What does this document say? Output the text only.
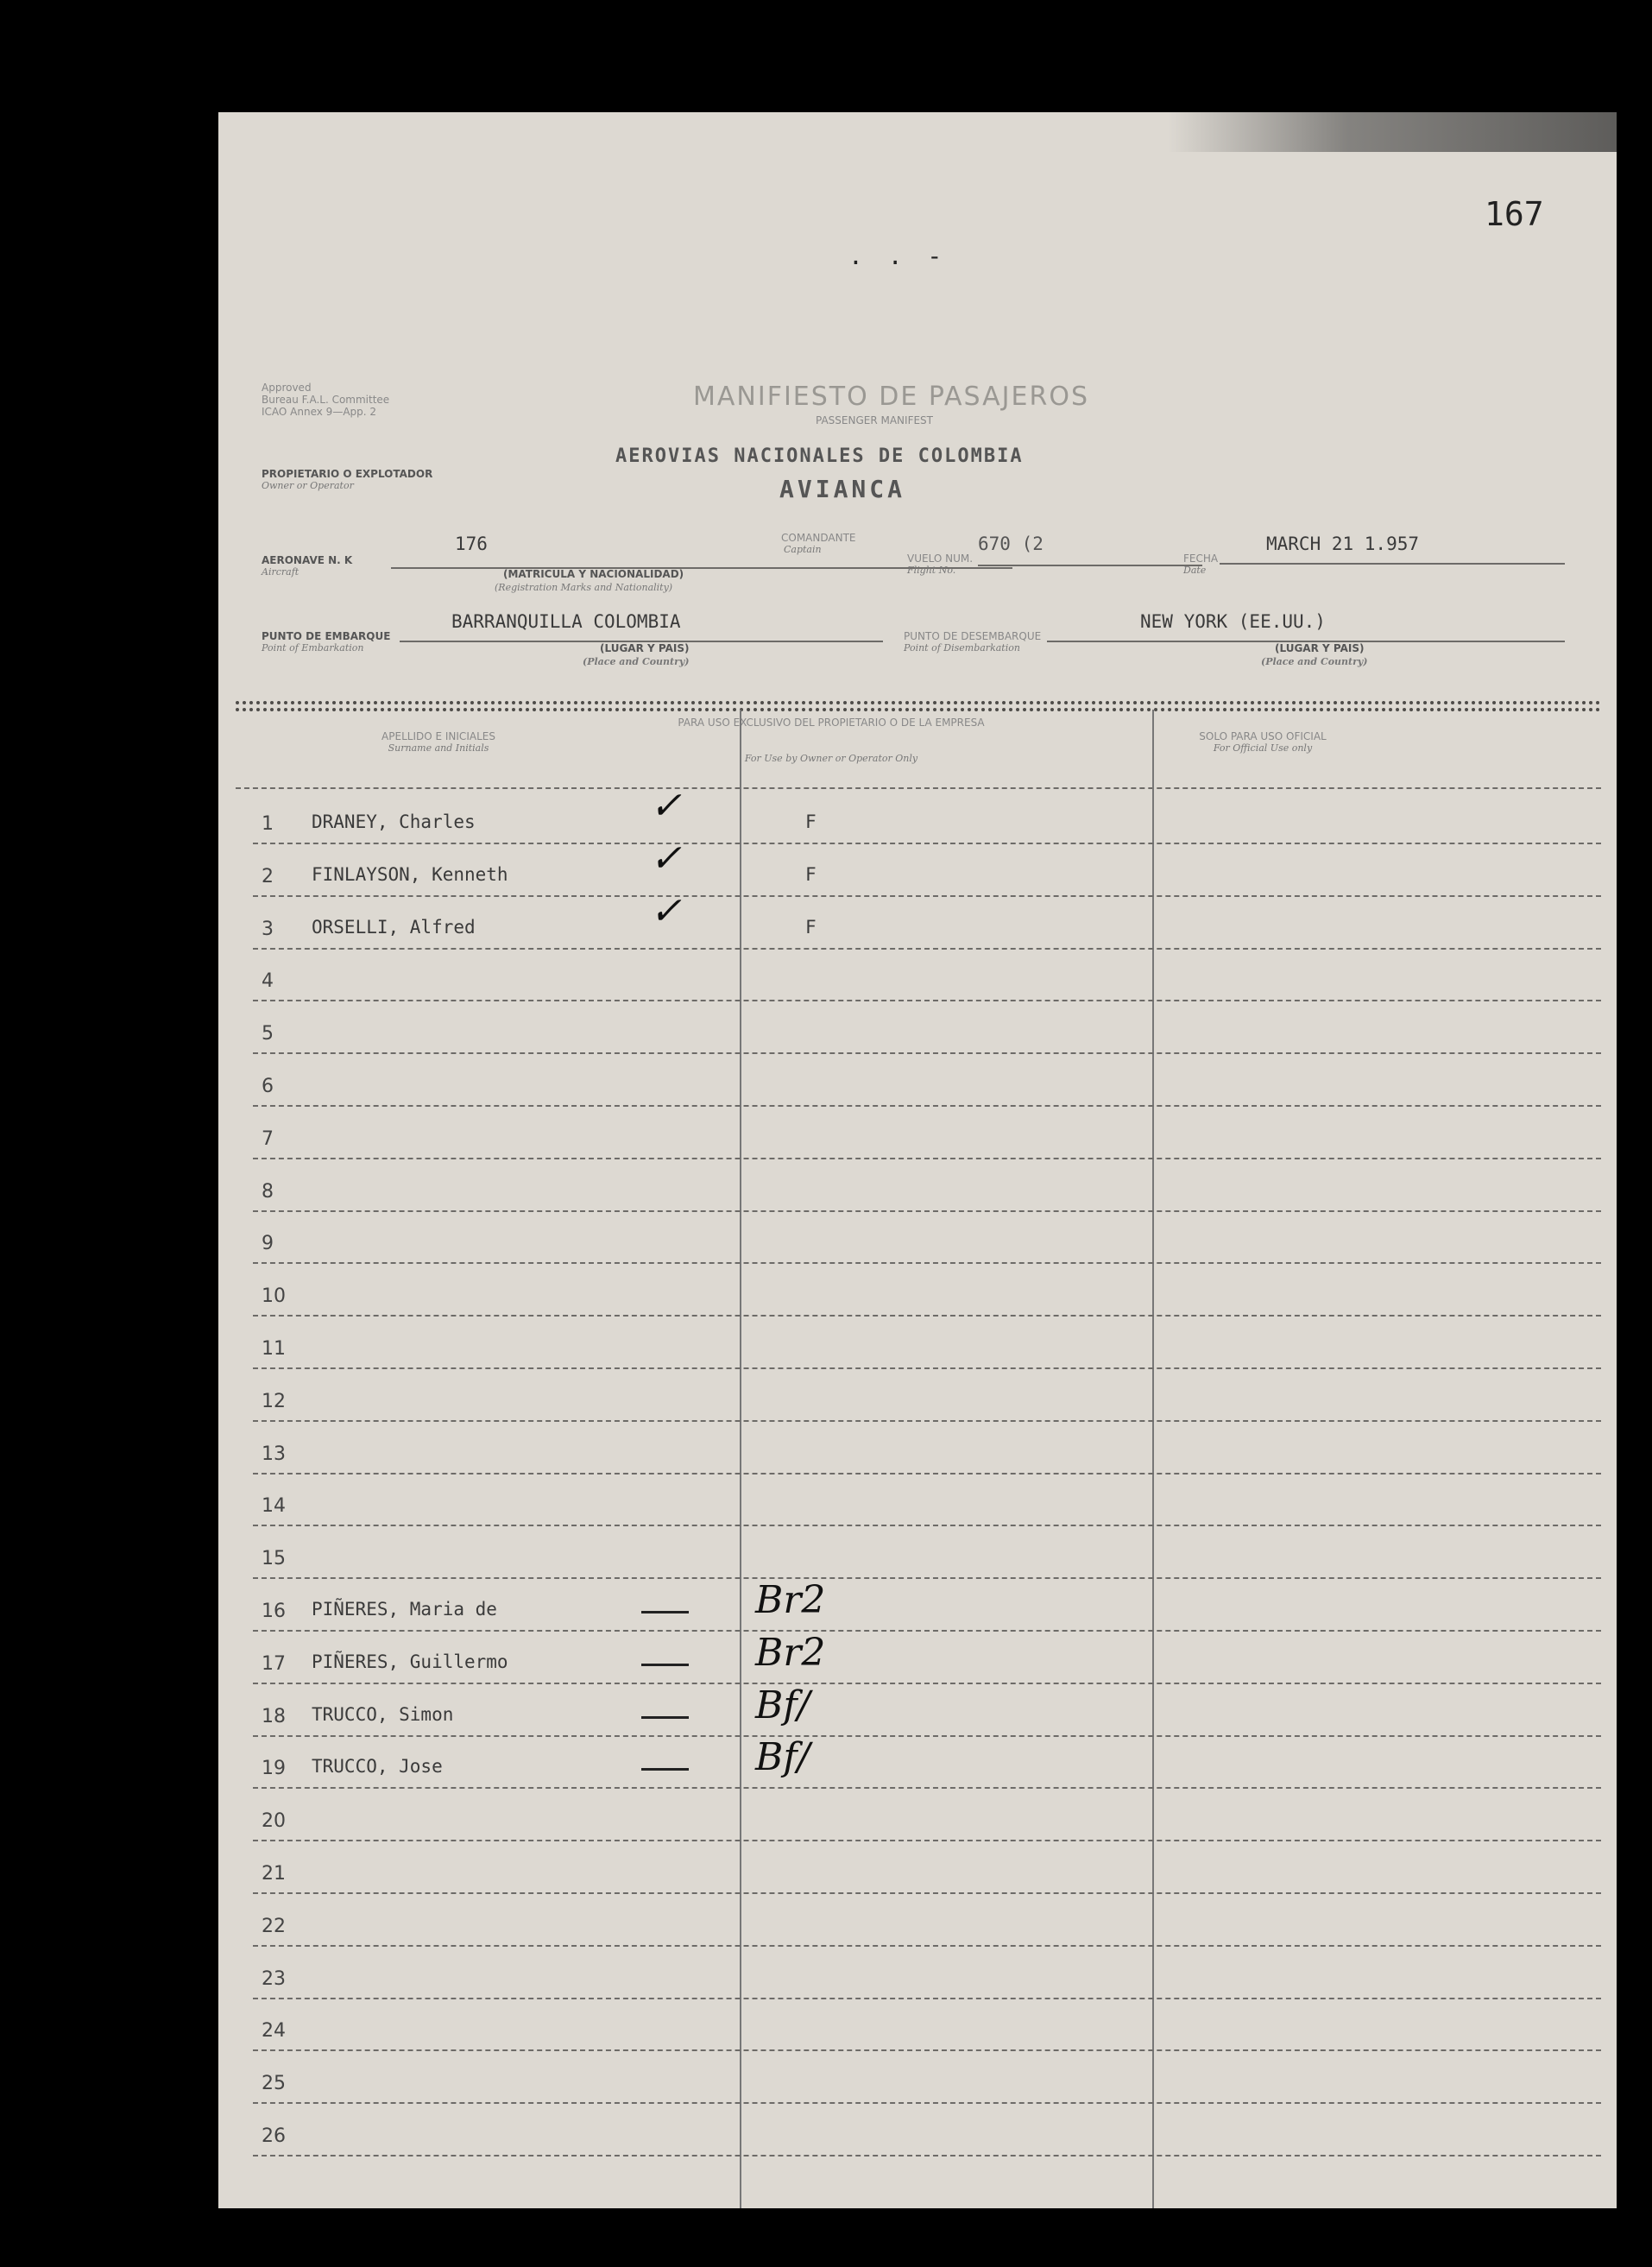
167
. . -
Approved
Bureau F.A.L. Committee
ICAO Annex 9—App. 2	MANIFIESTO DE PASAJEROS
PASSENGER MANIFEST
PROPIETARIO O EXPLOTADOR
Owner or Operator
AEROVIAS NACIONALES DE COLOMBIA
AVIANCA
AERONAVE N. K
Aircraft
176
(MATRICULA Y NACIONALIDAD)
(Registration Marks and Nationality)
COMANDANTE
Captain
VUELO NUM.
Flight No.
670 (2
FECHA
Date
MARCH 21 1.957
PUNTO DE EMBARQUE
Point of Embarkation
BARRANQUILLA COLOMBIA
(LUGAR Y PAIS)
(Place and Country)
PUNTO DE DESEMBARQUE
Point of Disembarkation
NEW YORK (EE.UU.)
(LUGAR Y PAIS)
(Place and Country)
APELLIDO E INICIALES
Surname and Initials
PARA USO EXCLUSIVO DEL PROPIETARIO O DE LA EMPRESA
For Use by Owner or Operator Only
SOLO PARA USO OFICIAL
For Official Use only
1	DRANEY, Charles	✓	F
2	FINLAYSON, Kenneth	✓	F
3	ORSELLI, Alfred	✓	F
4
5
6
7
8
9
10
11
12
13
14
15
16	PIÑERES, Maria de	Br2
17	PIÑERES, Guillermo	Br2
18	TRUCCO, Simon	Bf/
19	TRUCCO, Jose	Bf/
20
21
22
23
24
25
26
